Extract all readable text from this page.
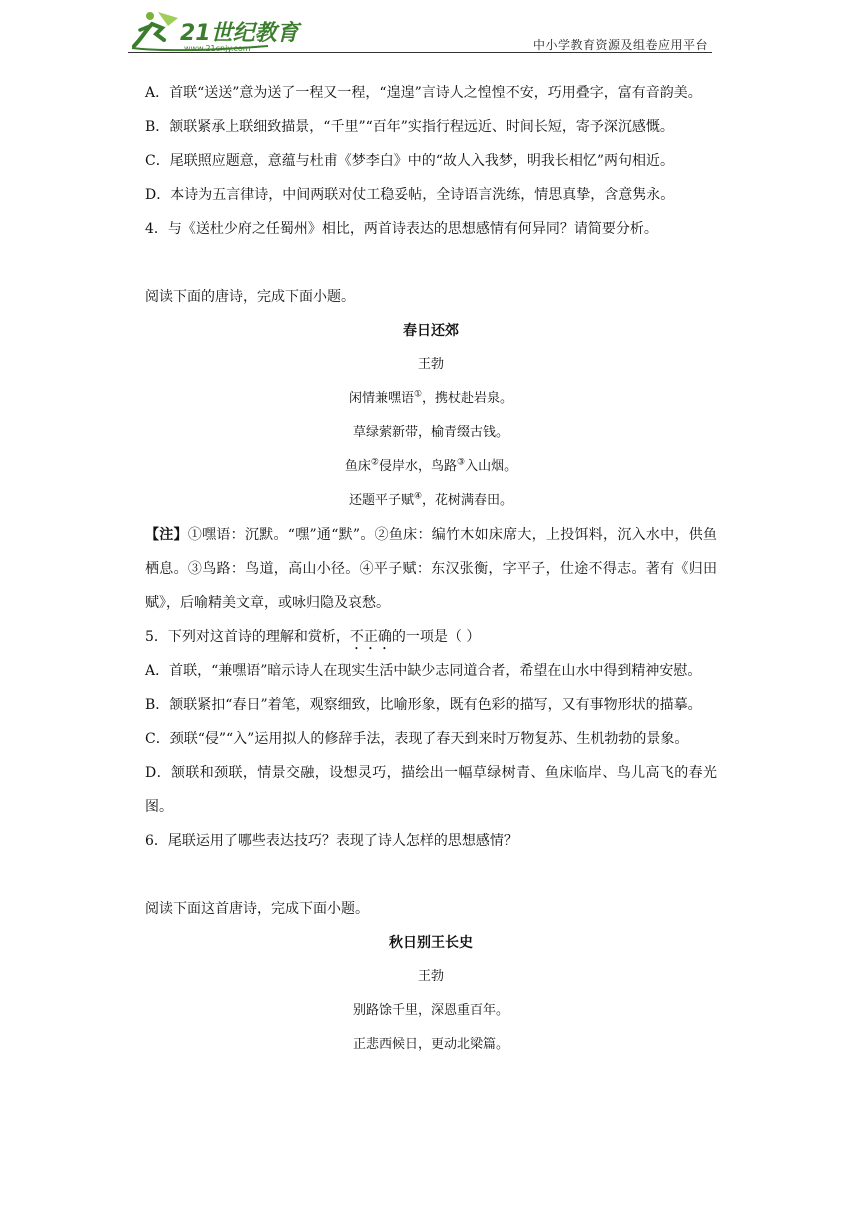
21世纪教育
www.21cnjy.com	中小学教育资源及组卷应用平台

A．首联“送送”意为送了一程又一程，“遑遑”言诗人之惶惶不安，巧用叠字，富有音韵美。

B．颔联紧承上联细致描景，“千里”“百年”实指行程远近、时间长短，寄予深沉感慨。

C．尾联照应题意，意蕴与杜甫《梦李白》中的“故人入我梦，明我长相忆”两句相近。

D．本诗为五言律诗，中间两联对仗工稳妥帖，全诗语言洗练，情思真挚，含意隽永。

4．与《送杜少府之任蜀州》相比，两首诗表达的思想感情有何异同？请简要分析。

阅读下面的唐诗，完成下面小题。

春日还郊

王勃

闲情兼嘿语①，携杖赴岩泉。

草绿萦新带，榆青缀古钱。

鱼床②侵岸水，鸟路③入山烟。

还题平子赋④，花树满春田。

【注】①嘿语：沉默。“嘿”通“默”。②鱼床：编竹木如床席大，上投饵料，沉入水中，供鱼栖息。③鸟路：鸟道，高山小径。④平子赋：东汉张衡，字平子，仕途不得志。著有《归田赋》，后喻精美文章，或咏归隐及哀愁。

5．下列对这首诗的理解和赏析，不正确的一项是（ ）

A．首联，“兼嘿语”暗示诗人在现实生活中缺少志同道合者，希望在山水中得到精神安慰。

B．颔联紧扣“春日”着笔，观察细致，比喻形象，既有色彩的描写，又有事物形状的描摹。

C．颈联“侵”“入”运用拟人的修辞手法，表现了春天到来时万物复苏、生机勃勃的景象。

D．颔联和颈联，情景交融，设想灵巧，描绘出一幅草绿树青、鱼床临岸、鸟儿高飞的春光图。

6．尾联运用了哪些表达技巧？表现了诗人怎样的思想感情？

阅读下面这首唐诗，完成下面小题。

秋日别王长史

王勃

别路馀千里，深恩重百年。

正悲西候日，更动北梁篇。
